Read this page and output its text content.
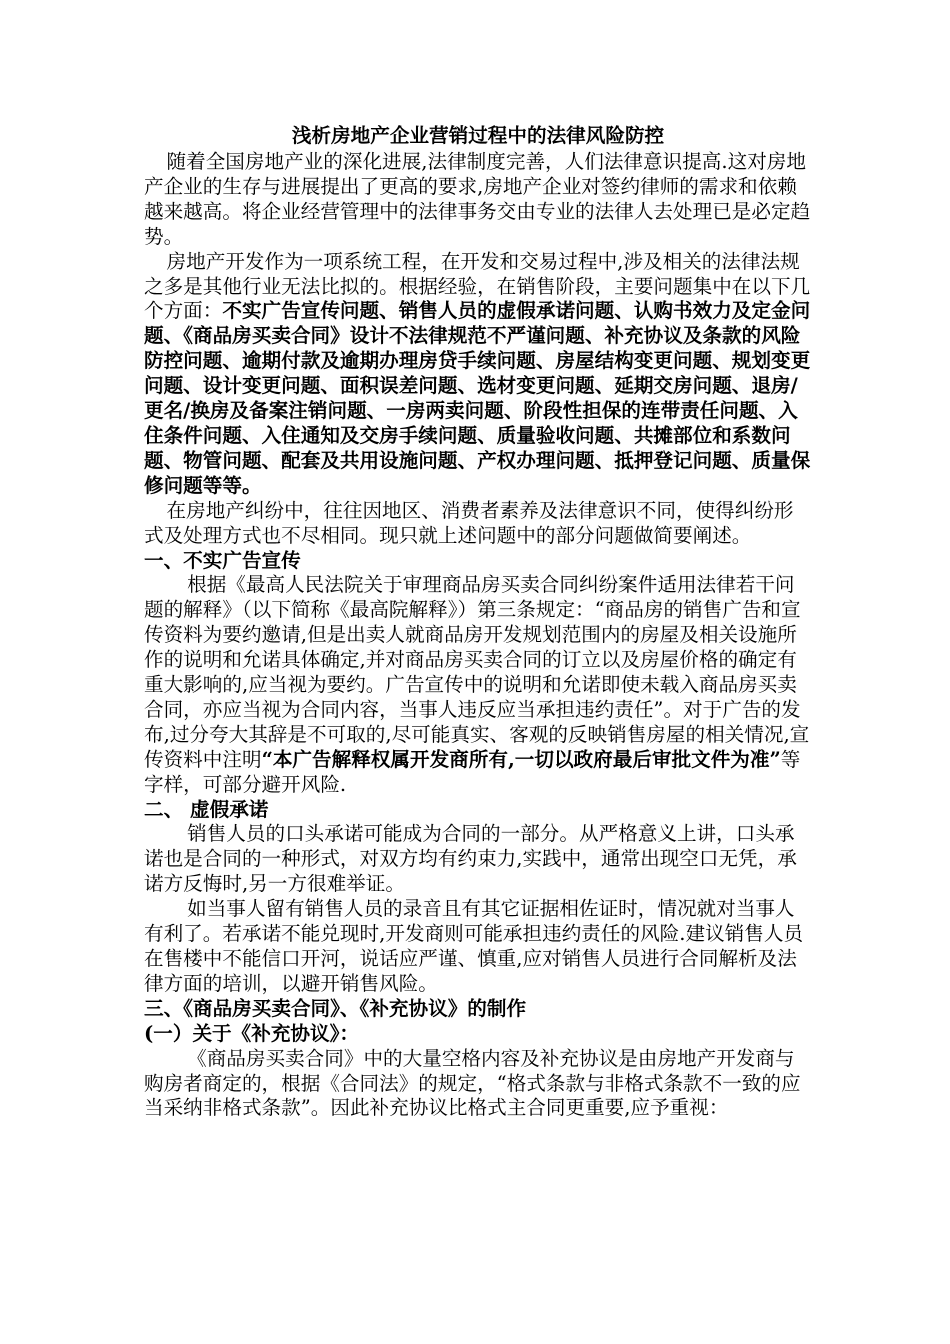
浅析房地产企业营销过程中的法律风险防控

随着全国房地产业的深化进展,法律制度完善，人们法律意识提高.这对房地产企业的生存与进展提出了更高的要求,房地产企业对签约律师的需求和依赖越来越高。将企业经营管理中的法律事务交由专业的法律人去处理已是必定趋势。

房地产开发作为一项系统工程，在开发和交易过程中,涉及相关的法律法规之多是其他行业无法比拟的。根据经验，在销售阶段，主要问题集中在以下几个方面：不实广告宣传问题、销售人员的虚假承诺问题、认购书效力及定金问题、《商品房买卖合同》设计不法律规范不严谨问题、补充协议及条款的风险防控问题、逾期付款及逾期办理房贷手续问题、房屋结构变更问题、规划变更问题、设计变更问题、面积误差问题、选材变更问题、延期交房问题、退房/更名/换房及备案注销问题、一房两卖问题、阶段性担保的连带责任问题、入住条件问题、入住通知及交房手续问题、质量验收问题、共摊部位和系数问题、物管问题、配套及共用设施问题、产权办理问题、抵押登记问题、质量保修问题等等。

在房地产纠纷中，往往因地区、消费者素养及法律意识不同，使得纠纷形式及处理方式也不尽相同。现只就上述问题中的部分问题做简要阐述。

一、不实广告宣传

根据《最高人民法院关于审理商品房买卖合同纠纷案件适用法律若干问题的解释》（以下简称《最高院解释》）第三条规定：“商品房的销售广告和宣传资料为要约邀请,但是出卖人就商品房开发规划范围内的房屋及相关设施所作的说明和允诺具体确定,并对商品房买卖合同的订立以及房屋价格的确定有重大影响的,应当视为要约。广告宣传中的说明和允诺即使未载入商品房买卖合同，亦应当视为合同内容，当事人违反应当承担违约责任”。对于广告的发布,过分夸大其辞是不可取的,尽可能真实、客观的反映销售房屋的相关情况,宣传资料中注明“本广告解释权属开发商所有,一切以政府最后审批文件为准”等字样，可部分避开风险.

二、 虚假承诺

销售人员的口头承诺可能成为合同的一部分。从严格意义上讲，口头承诺也是合同的一种形式，对双方均有约束力,实践中，通常出现空口无凭，承诺方反悔时,另一方很难举证。

如当事人留有销售人员的录音且有其它证据相佐证时，情况就对当事人有利了。若承诺不能兑现时,开发商则可能承担违约责任的风险.建议销售人员在售楼中不能信口开河，说话应严谨、慎重,应对销售人员进行合同解析及法律方面的培训，以避开销售风险。

三、《商品房买卖合同》、《补充协议》的制作

(一）关于《补充协议》：

《商品房买卖合同》中的大量空格内容及补充协议是由房地产开发商与购房者商定的，根据《合同法》的规定，“格式条款与非格式条款不一致的应当采纳非格式条款”。因此补充协议比格式主合同更重要,应予重视：
